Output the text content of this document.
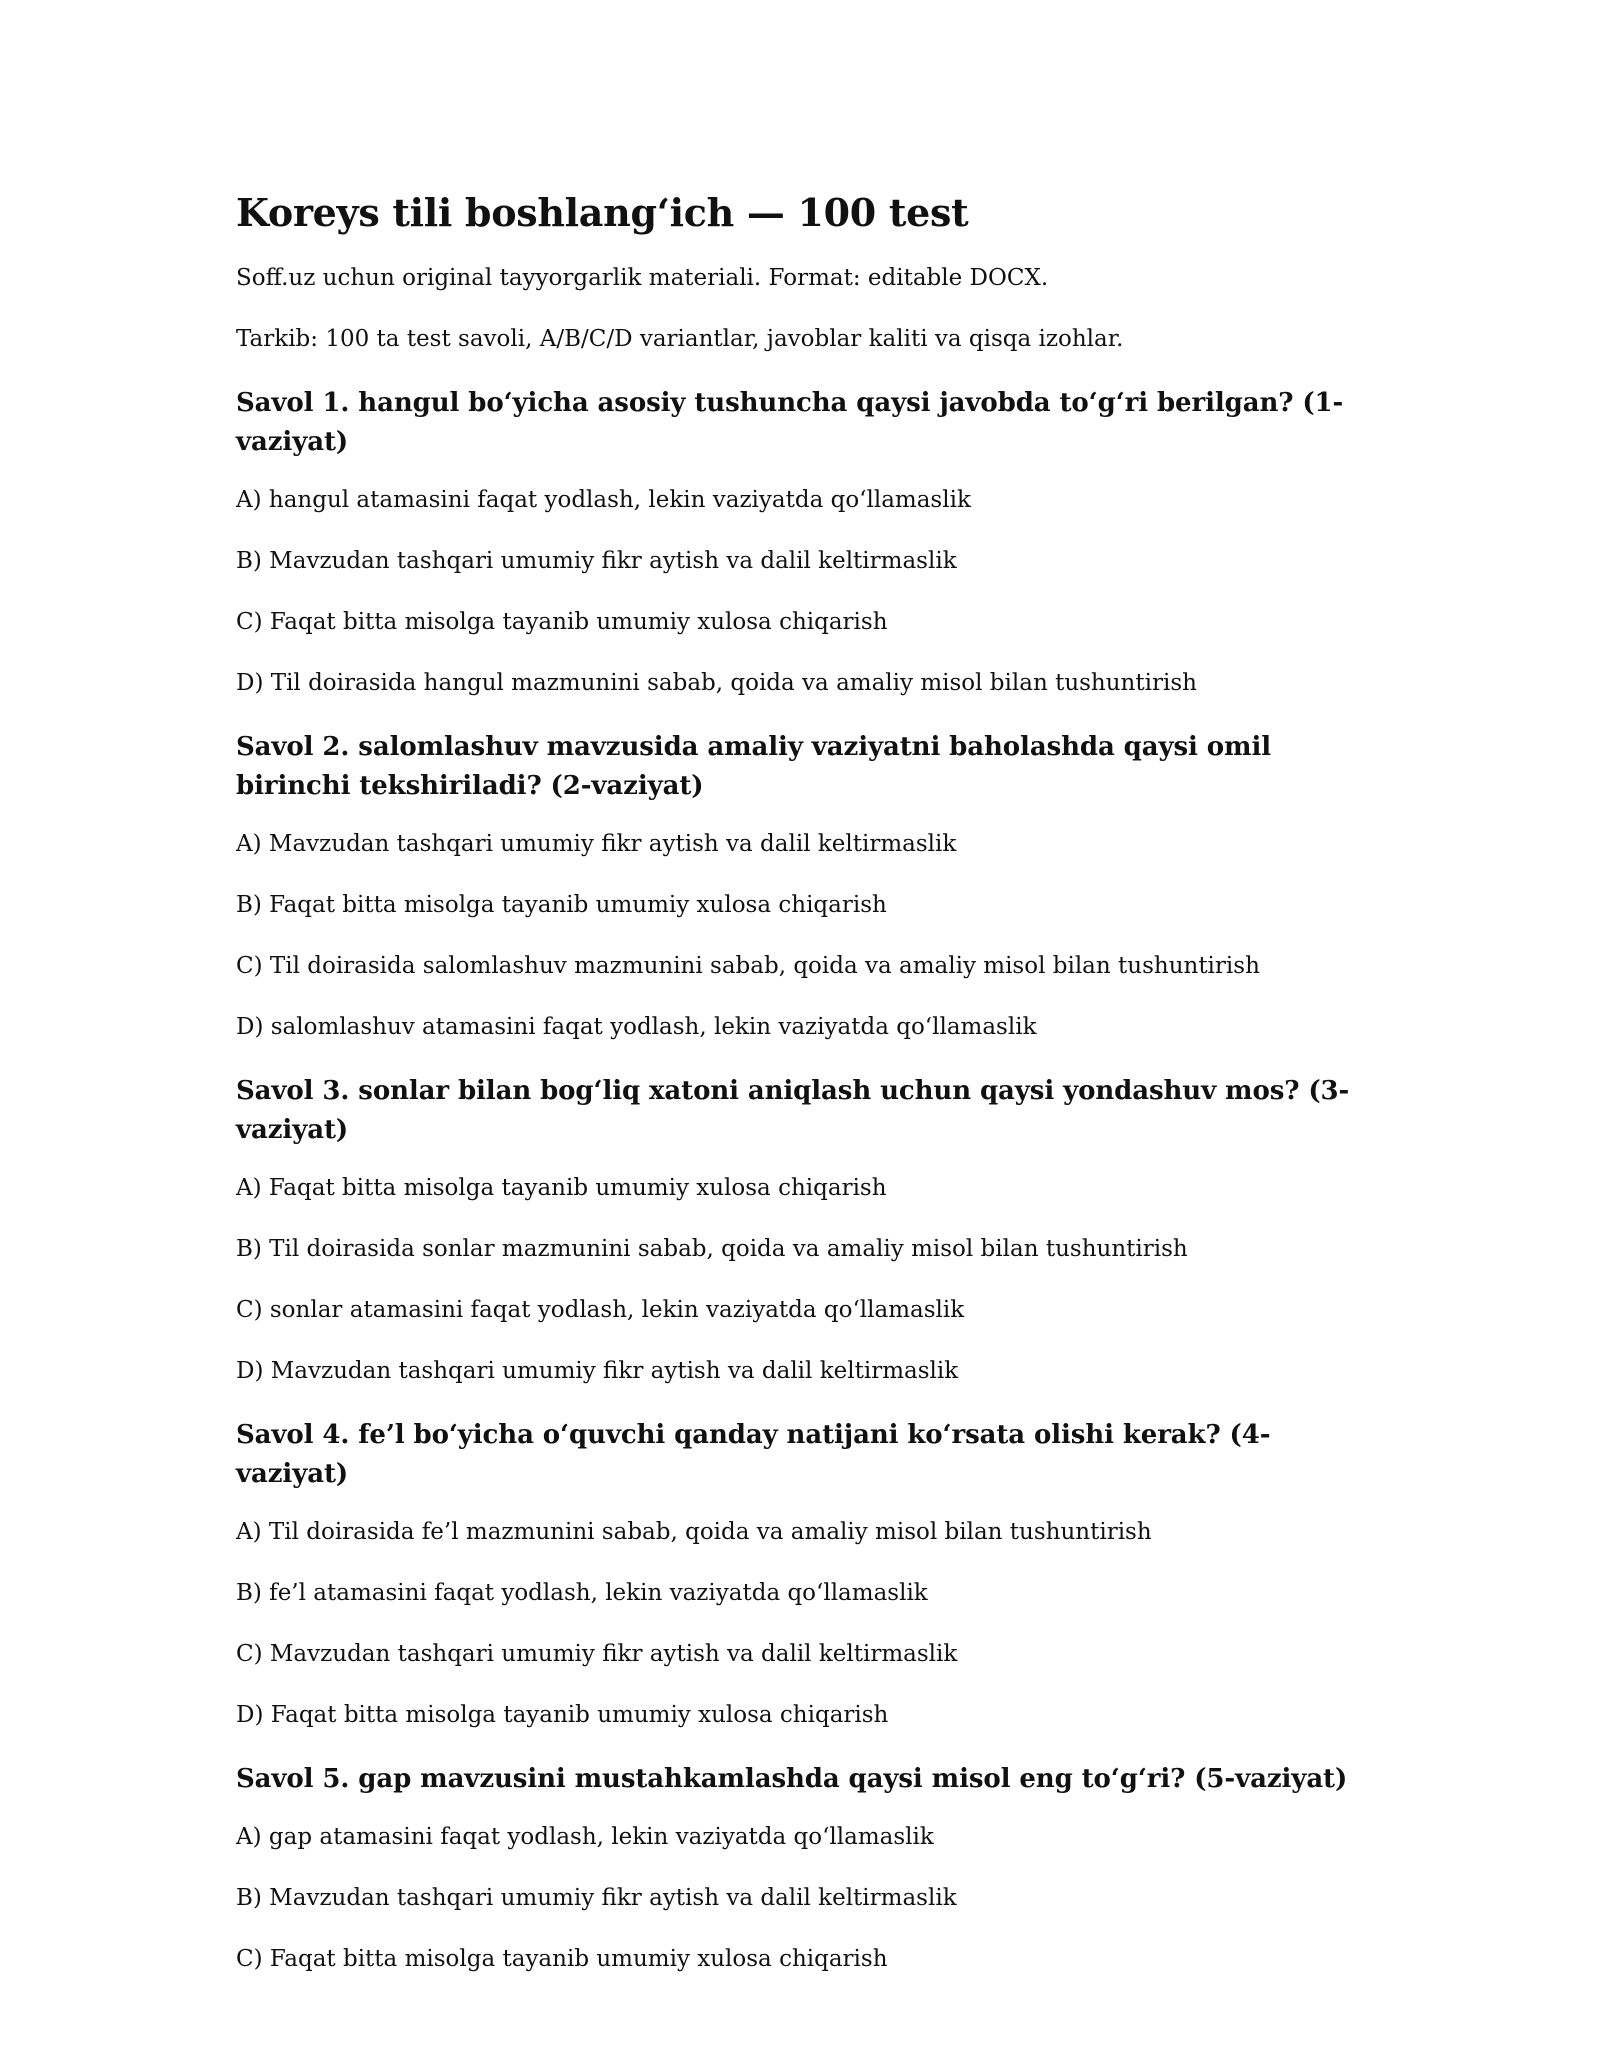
Koreys tili boshlang‘ich — 100 test

Soff.uz uchun original tayyorgarlik materiali. Format: editable DOCX.

Tarkib: 100 ta test savoli, A/B/C/D variantlar, javoblar kaliti va qisqa izohlar.

Savol 1. hangul bo‘yicha asosiy tushuncha qaysi javobda to‘g‘ri berilgan? (1-vaziyat)

A) hangul atamasini faqat yodlash, lekin vaziyatda qo‘llamaslik

B) Mavzudan tashqari umumiy fikr aytish va dalil keltirmaslik

C) Faqat bitta misolga tayanib umumiy xulosa chiqarish

D) Til doirasida hangul mazmunini sabab, qoida va amaliy misol bilan tushuntirish

Savol 2. salomlashuv mavzusida amaliy vaziyatni baholashda qaysi omil birinchi tekshiriladi? (2-vaziyat)

A) Mavzudan tashqari umumiy fikr aytish va dalil keltirmaslik

B) Faqat bitta misolga tayanib umumiy xulosa chiqarish

C) Til doirasida salomlashuv mazmunini sabab, qoida va amaliy misol bilan tushuntirish

D) salomlashuv atamasini faqat yodlash, lekin vaziyatda qo‘llamaslik

Savol 3. sonlar bilan bog‘liq xatoni aniqlash uchun qaysi yondashuv mos? (3-vaziyat)

A) Faqat bitta misolga tayanib umumiy xulosa chiqarish

B) Til doirasida sonlar mazmunini sabab, qoida va amaliy misol bilan tushuntirish

C) sonlar atamasini faqat yodlash, lekin vaziyatda qo‘llamaslik

D) Mavzudan tashqari umumiy fikr aytish va dalil keltirmaslik

Savol 4. fe’l bo‘yicha o‘quvchi qanday natijani ko‘rsata olishi kerak? (4-vaziyat)

A) Til doirasida fe’l mazmunini sabab, qoida va amaliy misol bilan tushuntirish

B) fe’l atamasini faqat yodlash, lekin vaziyatda qo‘llamaslik

C) Mavzudan tashqari umumiy fikr aytish va dalil keltirmaslik

D) Faqat bitta misolga tayanib umumiy xulosa chiqarish

Savol 5. gap mavzusini mustahkamlashda qaysi misol eng to‘g‘ri? (5-vaziyat)

A) gap atamasini faqat yodlash, lekin vaziyatda qo‘llamaslik

B) Mavzudan tashqari umumiy fikr aytish va dalil keltirmaslik

C) Faqat bitta misolga tayanib umumiy xulosa chiqarish
